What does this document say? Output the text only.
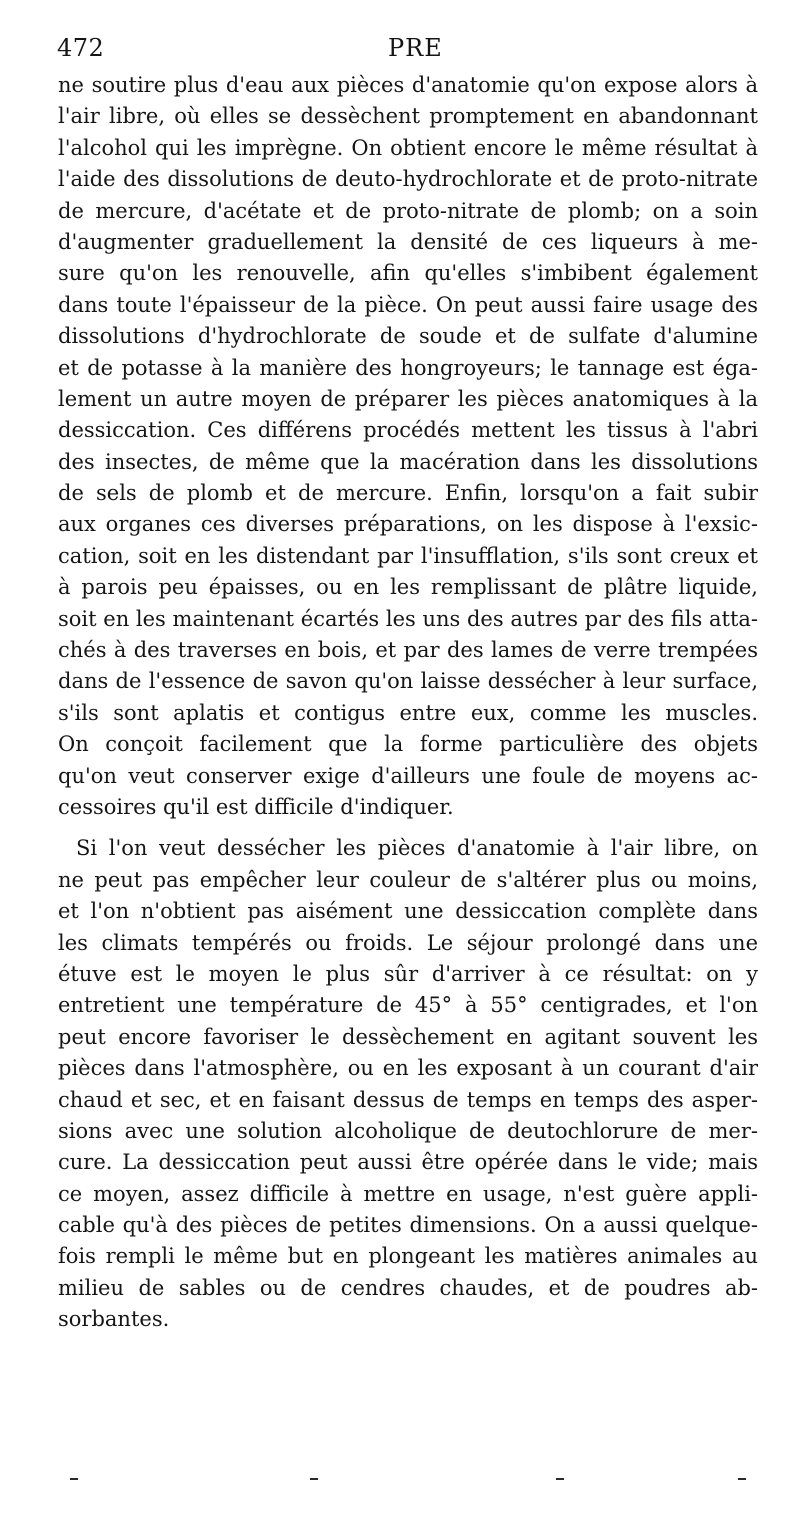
472	PRE
ne soutire plus d'eau aux pièces d'anatomie qu'on expose alors à
l'air libre, où elles se dessèchent promptement en abandonnant
l'alcohol qui les imprègne. On obtient encore le même résultat à
l'aide des dissolutions de deuto-hydrochlorate et de proto-nitrate
de mercure, d'acétate et de proto-nitrate de plomb; on a soin
d'augmenter graduellement la densité de ces liqueurs à me-
sure qu'on les renouvelle, afin qu'elles s'imbibent également
dans toute l'épaisseur de la pièce. On peut aussi faire usage des
dissolutions d'hydrochlorate de soude et de sulfate d'alumine
et de potasse à la manière des hongroyeurs; le tannage est éga-
lement un autre moyen de préparer les pièces anatomiques à la
dessiccation. Ces différens procédés mettent les tissus à l'abri
des insectes, de même que la macération dans les dissolutions
de sels de plomb et de mercure. Enfin, lorsqu'on a fait subir
aux organes ces diverses préparations, on les dispose à l'exsic-
cation, soit en les distendant par l'insufflation, s'ils sont creux et
à parois peu épaisses, ou en les remplissant de plâtre liquide,
soit en les maintenant écartés les uns des autres par des fils atta-
chés à des traverses en bois, et par des lames de verre trempées
dans de l'essence de savon qu'on laisse dessécher à leur surface,
s'ils sont aplatis et contigus entre eux, comme les muscles.
On conçoit facilement que la forme particulière des objets
qu'on veut conserver exige d'ailleurs une foule de moyens ac-
cessoires qu'il est difficile d'indiquer.
Si l'on veut dessécher les pièces d'anatomie à l'air libre, on
ne peut pas empêcher leur couleur de s'altérer plus ou moins,
et l'on n'obtient pas aisément une dessiccation complète dans
les climats tempérés ou froids. Le séjour prolongé dans une
étuve est le moyen le plus sûr d'arriver à ce résultat: on y
entretient une température de 45° à 55° centigrades, et l'on
peut encore favoriser le dessèchement en agitant souvent les
pièces dans l'atmosphère, ou en les exposant à un courant d'air
chaud et sec, et en faisant dessus de temps en temps des asper-
sions avec une solution alcoholique de deutochlorure de mer-
cure. La dessiccation peut aussi être opérée dans le vide; mais
ce moyen, assez difficile à mettre en usage, n'est guère appli-
cable qu'à des pièces de petites dimensions. On a aussi quelque-
fois rempli le même but en plongeant les matières animales au
milieu de sables ou de cendres chaudes, et de poudres ab-
sorbantes.
